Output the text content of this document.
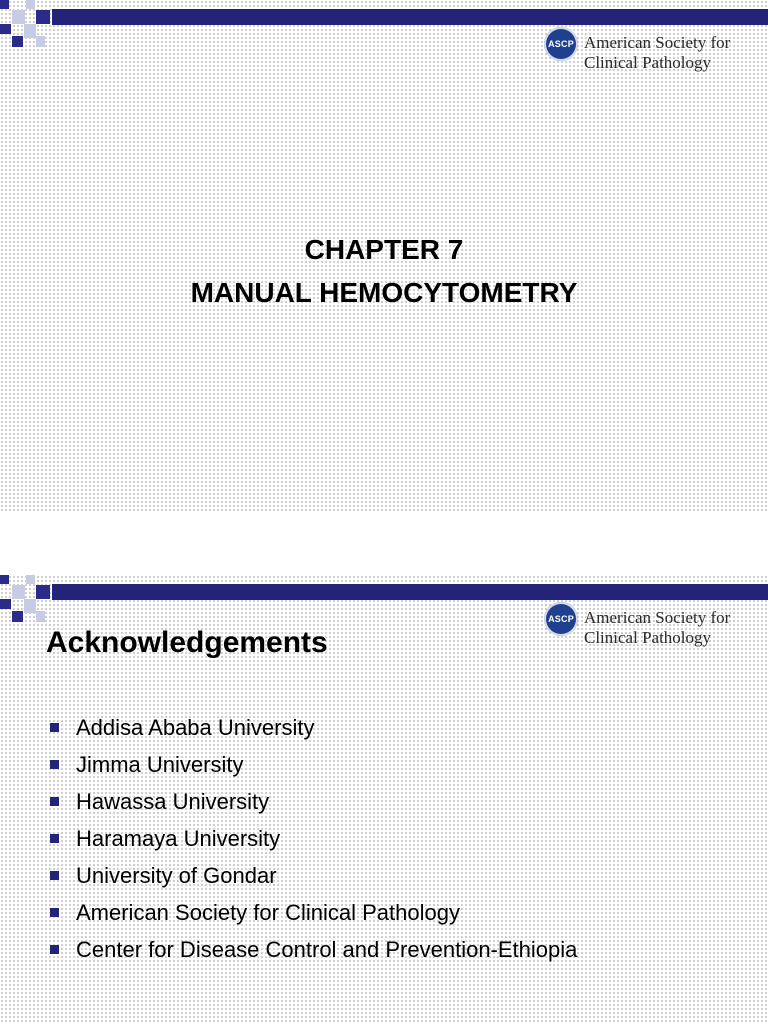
ASCP American Society for
Clinical Pathology
CHAPTER 7
MANUAL HEMOCYTOMETRY
ASCP American Society for
Clinical Pathology
Acknowledgements
Addisa Ababa University
Jimma University
Hawassa University
Haramaya University
University of Gondar
American Society for Clinical Pathology
Center for Disease Control and Prevention-Ethiopia
